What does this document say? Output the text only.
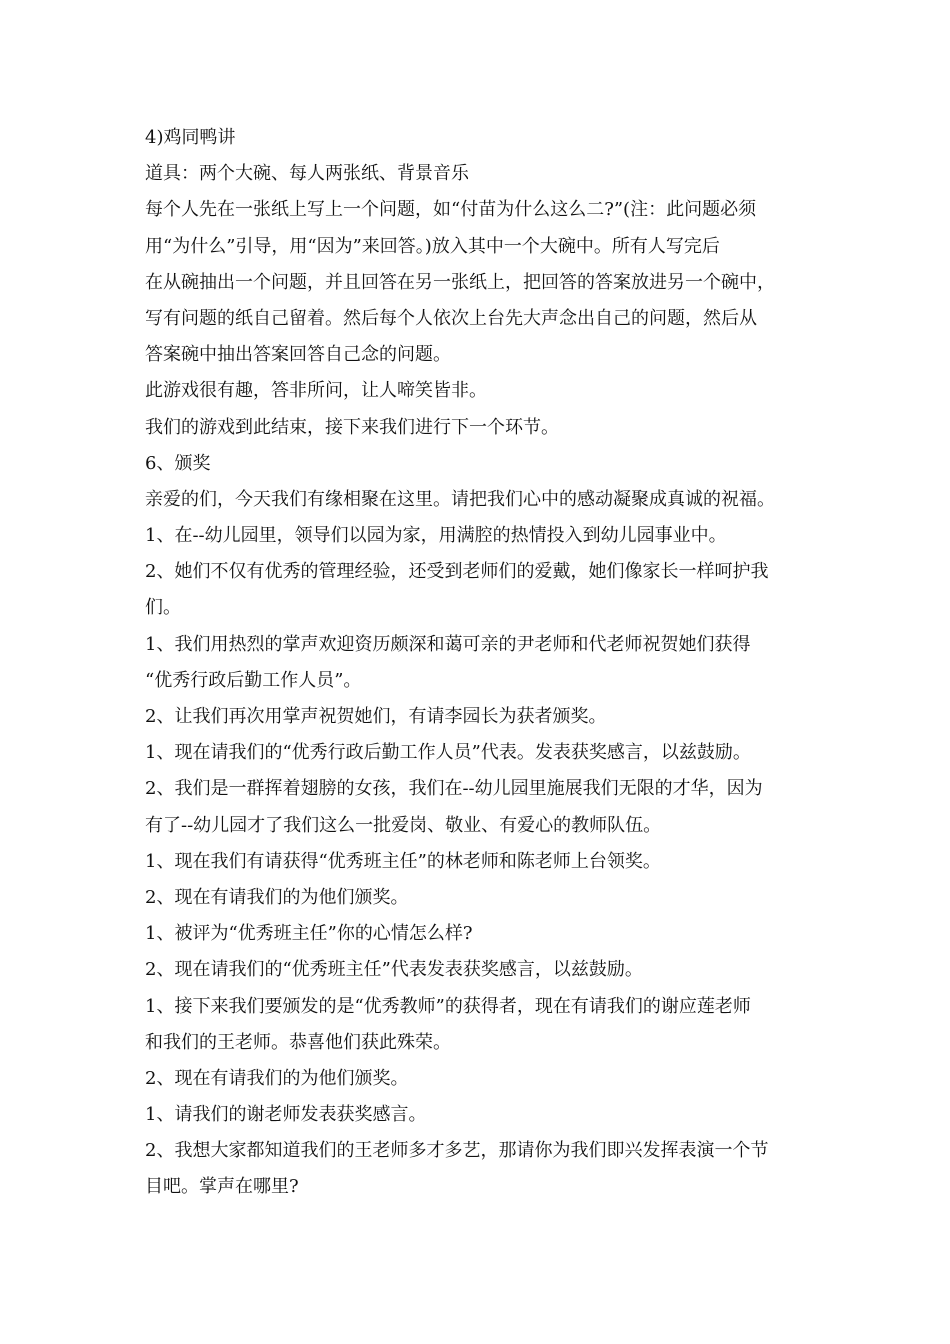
4)鸡同鸭讲
道具：两个大碗、每人两张纸、背景音乐
每个人先在一张纸上写上一个问题，如“付苗为什么这么二?”(注：此问题必须
用“为什么”引导，用“因为”来回答。)放入其中一个大碗中。所有人写完后
在从碗抽出一个问题，并且回答在另一张纸上，把回答的答案放进另一个碗中，
写有问题的纸自己留着。然后每个人依次上台先大声念出自己的问题，然后从
答案碗中抽出答案回答自己念的问题。
此游戏很有趣，答非所问，让人啼笑皆非。
我们的游戏到此结束，接下来我们进行下一个环节。
6、颁奖
亲爱的们，今天我们有缘相聚在这里。请把我们心中的感动凝聚成真诚的祝福。
1、在--幼儿园里，领导们以园为家，用满腔的热情投入到幼儿园事业中。
2、她们不仅有优秀的管理经验，还受到老师们的爱戴，她们像家长一样呵护我
们。
1、我们用热烈的掌声欢迎资历颇深和蔼可亲的尹老师和代老师祝贺她们获得
“优秀行政后勤工作人员”。
2、让我们再次用掌声祝贺她们，有请李园长为获者颁奖。
1、现在请我们的“优秀行政后勤工作人员”代表。发表获奖感言，以兹鼓励。
2、我们是一群挥着翅膀的女孩，我们在--幼儿园里施展我们无限的才华，因为
有了--幼儿园才了我们这么一批爱岗、敬业、有爱心的教师队伍。
1、现在我们有请获得“优秀班主任”的林老师和陈老师上台领奖。
2、现在有请我们的为他们颁奖。
1、被评为“优秀班主任”你的心情怎么样?
2、现在请我们的“优秀班主任”代表发表获奖感言，以兹鼓励。
1、接下来我们要颁发的是“优秀教师”的获得者，现在有请我们的谢应莲老师
和我们的王老师。恭喜他们获此殊荣。
2、现在有请我们的为他们颁奖。
1、请我们的谢老师发表获奖感言。
2、我想大家都知道我们的王老师多才多艺，那请你为我们即兴发挥表演一个节
目吧。掌声在哪里?
